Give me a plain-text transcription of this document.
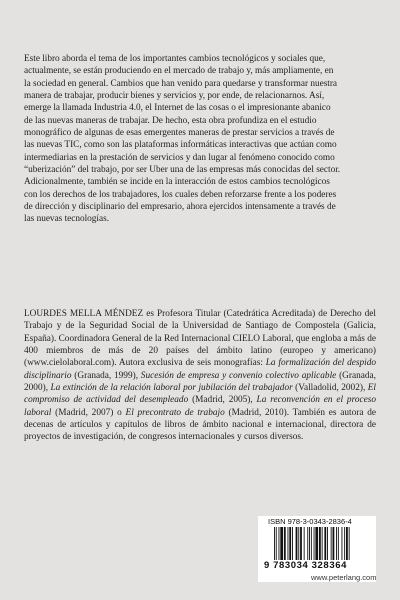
Este libro aborda el tema de los importantes cambios tecnológicos y sociales que,

actualmente, se están produciendo en el mercado de trabajo y, más ampliamente, en

la sociedad en general. Cambios que han venido para quedarse y transformar nuestra

manera de trabajar, producir bienes y servicios y, por ende, de relacionarnos. Así,

emerge la llamada Industria 4.0, el Internet de las cosas o el impresionante abanico

de las nuevas maneras de trabajar. De hecho, esta obra profundiza en el estudio

monográfico de algunas de esas emergentes maneras de prestar servicios a través de

las nuevas TIC, como son las plataformas informáticas interactivas que actúan como

intermediarias en la prestación de servicios y dan lugar al fenómeno conocido como

“uberización” del trabajo, por ser Uber una de las empresas más conocidas del sector.

Adicionalmente, también se incide en la interacción de estos cambios tecnológicos

con los derechos de los trabajadores, los cuales deben reforzarse frente a los poderes

de dirección y disciplinario del empresario, ahora ejercidos intensamente a través de

las nuevas tecnologías.

LOURDES MELLA MÉNDEZ es Profesora Titular (Catedrática Acreditada) de Derecho del Trabajo y de la Seguridad Social de la Universidad de Santiago de Compostela (Galicia, España). Coordinadora General de la Red Internacional CIELO Laboral, que engloba a más de 400 miembros de más de 20 países del ámbito latino (europeo y americano) (www.cielolaboral.com). Autora exclusiva de seis monografías: La formalización del despido disciplinario (Granada, 1999), Sucesión de empresa y convenio colectivo aplicable (Granada, 2000), La extinción de la relación laboral por jubilación del trabajador (Valladolid, 2002), El compromiso de actividad del desempleado (Madrid, 2005), La reconvención en el proceso laboral (Madrid, 2007) o El precontrato de trabajo (Madrid, 2010). También es autora de decenas de artículos y capítulos de libros de ámbito nacional e internacional, directora de proyectos de investigación, de congresos internacionales y cursos diversos.
ISBN 978-3-0343-2836-4
9 783034 328364
www.peterlang.com
